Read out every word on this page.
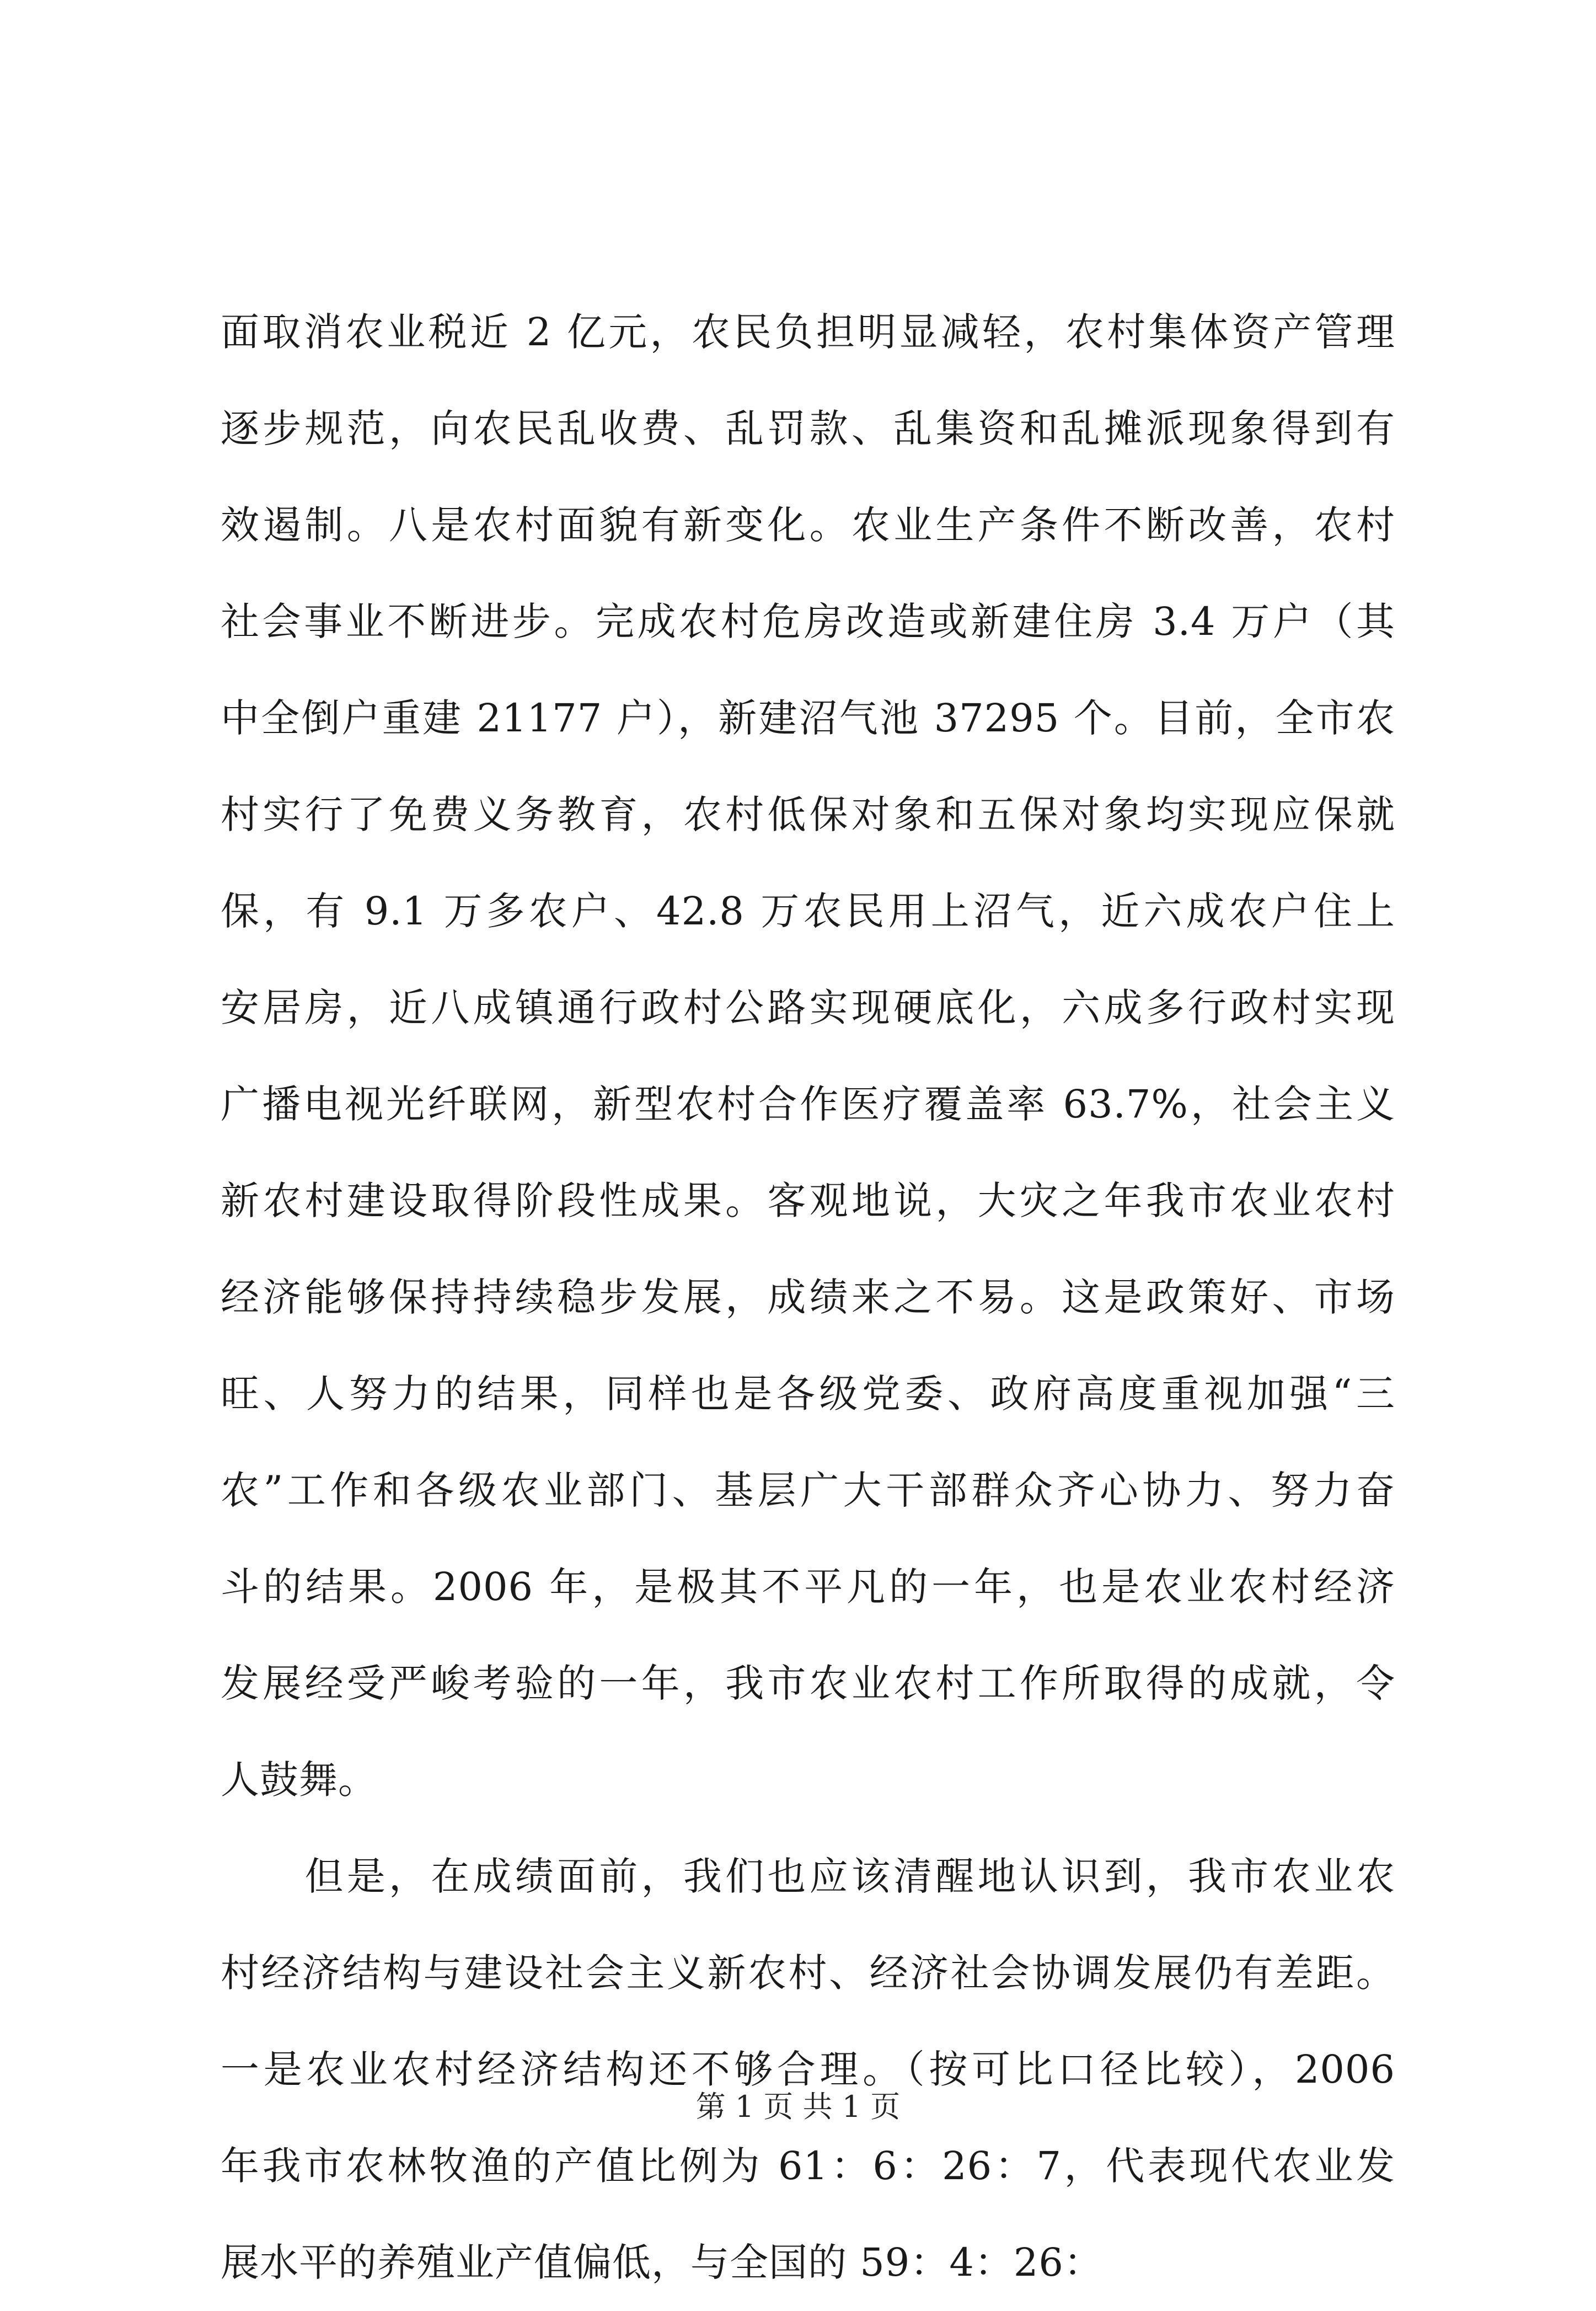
面取消农业税近 2 亿元，农民负担明显减轻，农村集体资产管理
逐步规范，向农民乱收费、乱罚款、乱集资和乱摊派现象得到有
效遏制。八是农村面貌有新变化。农业生产条件不断改善，农村
社会事业不断进步。完成农村危房改造或新建住房 3.4 万户（其
中全倒户重建 21177 户），新建沼气池 37295 个。目前，全市农
村实行了免费义务教育，农村低保对象和五保对象均实现应保就
保，有 9.1 万多农户、42.8 万农民用上沼气，近六成农户住上
安居房，近八成镇通行政村公路实现硬底化，六成多行政村实现
广播电视光纤联网，新型农村合作医疗覆盖率 63.7%，社会主义
新农村建设取得阶段性成果。客观地说，大灾之年我市农业农村
经济能够保持持续稳步发展，成绩来之不易。这是政策好、市场
旺、人努力的结果，同样也是各级党委、政府高度重视加强“三
农”工作和各级农业部门、基层广大干部群众齐心协力、努力奋
斗的结果。2006 年，是极其不平凡的一年，也是农业农村经济
发展经受严峻考验的一年，我市农业农村工作所取得的成就，令
人鼓舞。
　　但是，在成绩面前，我们也应该清醒地认识到，我市农业农
村经济结构与建设社会主义新农村、经济社会协调发展仍有差距。
一是农业农村经济结构还不够合理。（按可比口径比较），2006
年我市农林牧渔的产值比例为 61：6：26：7，代表现代农业发
展水平的养殖业产值偏低，与全国的 59：4：26：
第 1 页 共 1 页
